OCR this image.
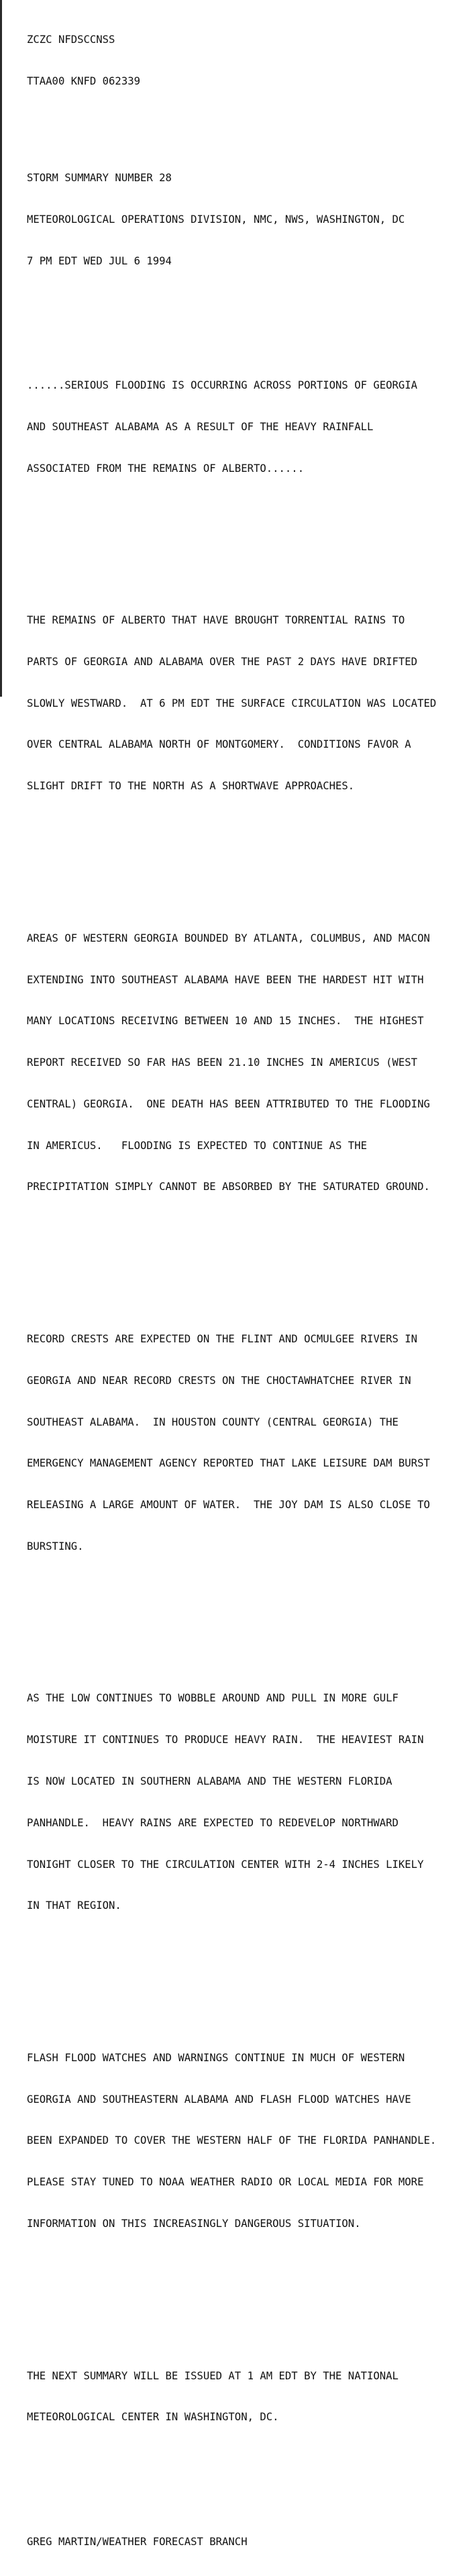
ZCZC NFDSCCNSS

TTAA00 KNFD 062339

STORM SUMMARY NUMBER 28

METEOROLOGICAL OPERATIONS DIVISION, NMC, NWS, WASHINGTON, DC

7 PM EDT WED JUL 6 1994

......SERIOUS FLOODING IS OCCURRING ACROSS PORTIONS OF GEORGIA

AND SOUTHEAST ALABAMA AS A RESULT OF THE HEAVY RAINFALL

ASSOCIATED FROM THE REMAINS OF ALBERTO......

THE REMAINS OF ALBERTO THAT HAVE BROUGHT TORRENTIAL RAINS TO

PARTS OF GEORGIA AND ALABAMA OVER THE PAST 2 DAYS HAVE DRIFTED

SLOWLY WESTWARD.  AT 6 PM EDT THE SURFACE CIRCULATION WAS LOCATED

OVER CENTRAL ALABAMA NORTH OF MONTGOMERY.  CONDITIONS FAVOR A

SLIGHT DRIFT TO THE NORTH AS A SHORTWAVE APPROACHES.

AREAS OF WESTERN GEORGIA BOUNDED BY ATLANTA, COLUMBUS, AND MACON

EXTENDING INTO SOUTHEAST ALABAMA HAVE BEEN THE HARDEST HIT WITH

MANY LOCATIONS RECEIVING BETWEEN 10 AND 15 INCHES.  THE HIGHEST

REPORT RECEIVED SO FAR HAS BEEN 21.10 INCHES IN AMERICUS (WEST

CENTRAL) GEORGIA.  ONE DEATH HAS BEEN ATTRIBUTED TO THE FLOODING

IN AMERICUS.   FLOODING IS EXPECTED TO CONTINUE AS THE

PRECIPITATION SIMPLY CANNOT BE ABSORBED BY THE SATURATED GROUND.

RECORD CRESTS ARE EXPECTED ON THE FLINT AND OCMULGEE RIVERS IN

GEORGIA AND NEAR RECORD CRESTS ON THE CHOCTAWHATCHEE RIVER IN

SOUTHEAST ALABAMA.  IN HOUSTON COUNTY (CENTRAL GEORGIA) THE

EMERGENCY MANAGEMENT AGENCY REPORTED THAT LAKE LEISURE DAM BURST

RELEASING A LARGE AMOUNT OF WATER.  THE JOY DAM IS ALSO CLOSE TO

BURSTING.

AS THE LOW CONTINUES TO WOBBLE AROUND AND PULL IN MORE GULF

MOISTURE IT CONTINUES TO PRODUCE HEAVY RAIN.  THE HEAVIEST RAIN

IS NOW LOCATED IN SOUTHERN ALABAMA AND THE WESTERN FLORIDA

PANHANDLE.  HEAVY RAINS ARE EXPECTED TO REDEVELOP NORTHWARD

TONIGHT CLOSER TO THE CIRCULATION CENTER WITH 2-4 INCHES LIKELY

IN THAT REGION.

FLASH FLOOD WATCHES AND WARNINGS CONTINUE IN MUCH OF WESTERN

GEORGIA AND SOUTHEASTERN ALABAMA AND FLASH FLOOD WATCHES HAVE

BEEN EXPANDED TO COVER THE WESTERN HALF OF THE FLORIDA PANHANDLE.

PLEASE STAY TUNED TO NOAA WEATHER RADIO OR LOCAL MEDIA FOR MORE

INFORMATION ON THIS INCREASINGLY DANGEROUS SITUATION.

THE NEXT SUMMARY WILL BE ISSUED AT 1 AM EDT BY THE NATIONAL

METEOROLOGICAL CENTER IN WASHINGTON, DC.

GREG MARTIN/WEATHER FORECAST BRANCH
